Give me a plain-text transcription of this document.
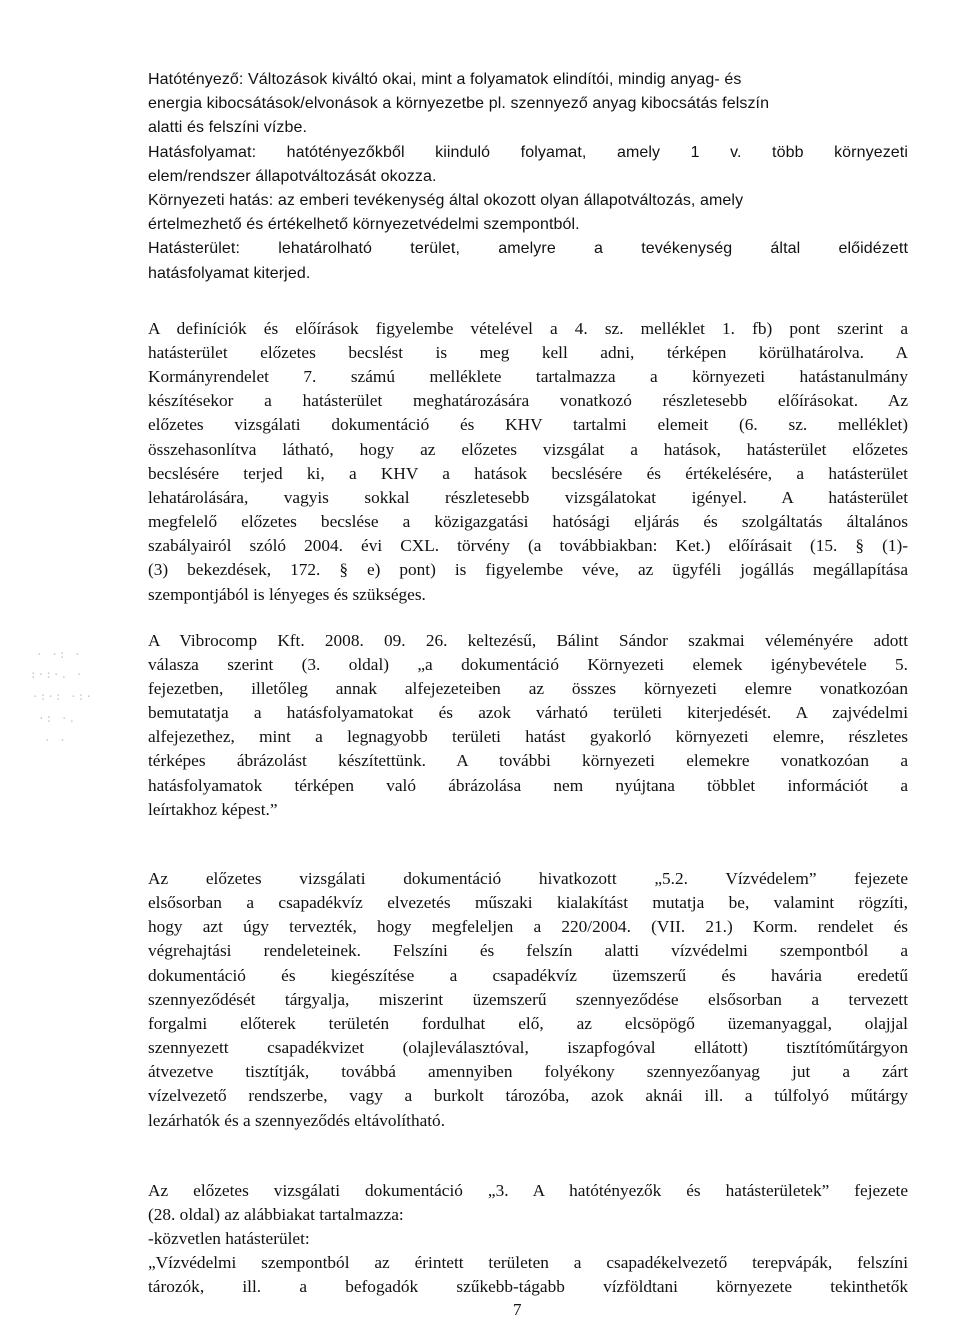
Hatótényező: Változások kiváltó okai, mint a folyamatok elindítói, mindig anyag- és
energia kibocsátások/elvonások a környezetbe pl. szennyező anyag kibocsátás felszín
alatti és felszíni vízbe.

Hatásfolyamat: hatótényezőkből kiinduló folyamat, amely 1 v. több környezeti
elem/rendszer állapotváltozását okozza.

Környezeti hatás: az emberi tevékenység által okozott olyan állapotváltozás, amely
értelmezhető és értékelhető környezetvédelmi szempontból.

Hatásterület: lehatárolható terület, amelyre a tevékenység által előidézett
hatásfolyamat kiterjed.

A definíciók és előírások figyelembe vételével a 4. sz. melléklet 1. fb) pont szerint a
hatásterület előzetes becslést is meg kell adni, térképen körülhatárolva. A
Kormányrendelet 7. számú melléklete tartalmazza a környezeti hatástanulmány
készítésekor a hatásterület meghatározására vonatkozó részletesebb előírásokat. Az
előzetes vizsgálati dokumentáció és KHV tartalmi elemeit (6. sz. melléklet)
összehasonlítva látható, hogy az előzetes vizsgálat a hatások, hatásterület előzetes
becslésére terjed ki, a KHV a hatások becslésére és értékelésére, a hatásterület
lehatárolására, vagyis sokkal részletesebb vizsgálatokat igényel. A hatásterület
megfelelő előzetes becslése a közigazgatási hatósági eljárás és szolgáltatás általános
szabályairól szóló 2004. évi CXL. törvény (a továbbiakban: Ket.) előírásait (15. § (1)-
(3) bekezdések, 172. § e) pont) is figyelembe véve, az ügyféli jogállás megállapítása
szempontjából is lényeges és szükséges.

A Vibrocomp Kft. 2008. 09. 26. keltezésű, Bálint Sándor szakmai véleményére adott
válasza szerint (3. oldal) „a dokumentáció Környezeti elemek igénybevétele 5.
fejezetben, illetőleg annak alfejezeteiben az összes környezeti elemre vonatkozóan
bemutatatja a hatásfolyamatokat és azok várható területi kiterjedését. A zajvédelmi
alfejezethez, mint a legnagyobb területi hatást gyakorló környezeti elemre, részletes
térképes ábrázolást készítettünk. A további környezeti elemekre vonatkozóan a
hatásfolyamatok térképen való ábrázolása nem nyújtana többlet információt a
leírtakhoz képest.”

Az előzetes vizsgálati dokumentáció hivatkozott „5.2. Vízvédelem” fejezete
elsősorban a csapadékvíz elvezetés műszaki kialakítást mutatja be, valamint rögzíti,
hogy azt úgy tervezték, hogy megfeleljen a 220/2004. (VII. 21.) Korm. rendelet és
végrehajtási rendeleteinek. Felszíni és felszín alatti vízvédelmi szempontból a
dokumentáció és kiegészítése a csapadékvíz üzemszerű és havária eredetű
szennyeződését tárgyalja, miszerint üzemszerű szennyeződése elsősorban a tervezett
forgalmi előterek területén fordulhat elő, az elcsöpögő üzemanyaggal, olajjal
szennyezett csapadékvizet (olajleválasztóval, iszapfogóval ellátott) tisztítóműtárgyon
átvezetve tisztítják, továbbá amennyiben folyékony szennyezőanyag jut a zárt
vízelvezető rendszerbe, vagy a burkolt tározóba, azok aknái ill. a túlfolyó műtárgy
lezárhatók és a szennyeződés eltávolítható.

Az előzetes vizsgálati dokumentáció „3. A hatótényezők és hatásterületek” fejezete
(28. oldal) az alábbiakat tartalmazza:
-közvetlen hatásterület:
„Vízvédelmi szempontból az érintett területen a csapadékelvezető terepvápák, felszíni
tározók, ill. a befogadók szűkebb-tágabb vízföldtani környezete tekinthetők

7
· ·: ·
:·:·. ·
·:·: ·:·
·: ·.
· ·
